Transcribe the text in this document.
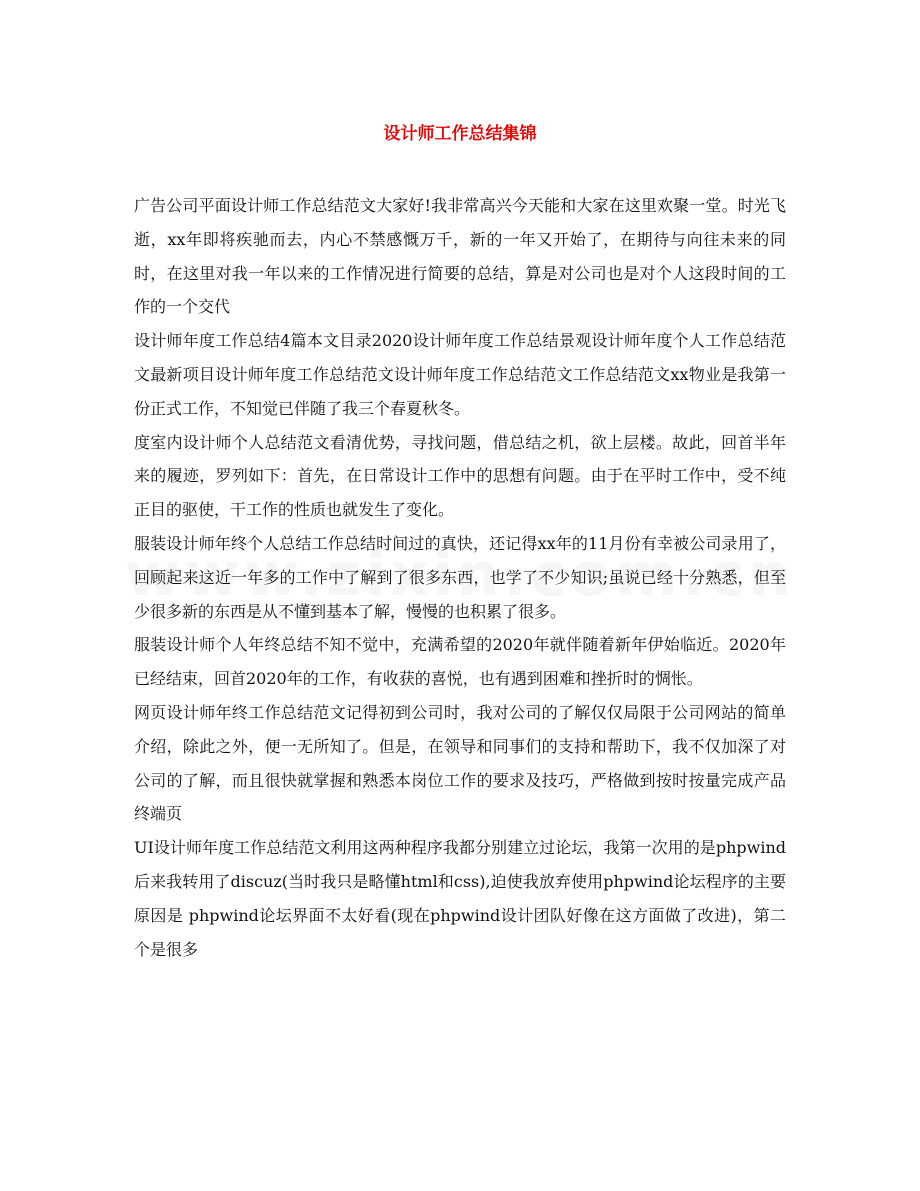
设计师工作总结集锦

广告公司平面设计师工作总结范文大家好!我非常高兴今天能和大家在这里欢聚一堂。时光飞逝，xx年即将疾驰而去，内心不禁感慨万千，新的一年又开始了，在期待与向往未来的同时，在这里对我一年以来的工作情况进行简要的总结，算是对公司也是对个人这段时间的工作的一个交代

设计师年度工作总结4篇本文目录2020设计师年度工作总结景观设计师年度个人工作总结范文最新项目设计师年度工作总结范文设计师年度工作总结范文工作总结范文xx物业是我第一份正式工作，不知觉已伴随了我三个春夏秋冬。

度室内设计师个人总结范文看清优势，寻找问题，借总结之机，欲上层楼。故此，回首半年来的履迹，罗列如下：首先，在日常设计工作中的思想有问题。由于在平时工作中，受不纯正目的驱使，干工作的性质也就发生了变化。

服装设计师年终个人总结工作总结时间过的真快，还记得xx年的11月份有幸被公司录用了，回顾起来这近一年多的工作中了解到了很多东西，也学了不少知识;虽说已经十分熟悉，但至少很多新的东西是从不懂到基本了解，慢慢的也积累了很多。

服装设计师个人年终总结不知不觉中，充满希望的2020年就伴随着新年伊始临近。2020年已经结束，回首2020年的工作，有收获的喜悦，也有遇到困难和挫折时的惆怅。

网页设计师年终工作总结范文记得初到公司时，我对公司的了解仅仅局限于公司网站的简单介绍，除此之外，便一无所知了。但是，在领导和同事们的支持和帮助下，我不仅加深了对公司的了解，而且很快就掌握和熟悉本岗位工作的要求及技巧，严格做到按时按量完成产品终端页

UI设计师年度工作总结范文利用这两种程序我都分别建立过论坛，我第一次用的是phpwind 后来我转用了discuz(当时我只是略懂html和css),迫使我放弃使用phpwind论坛程序的主要原因是 phpwind论坛界面不太好看(现在phpwind设计团队好像在这方面做了改进)，第二个是很多
